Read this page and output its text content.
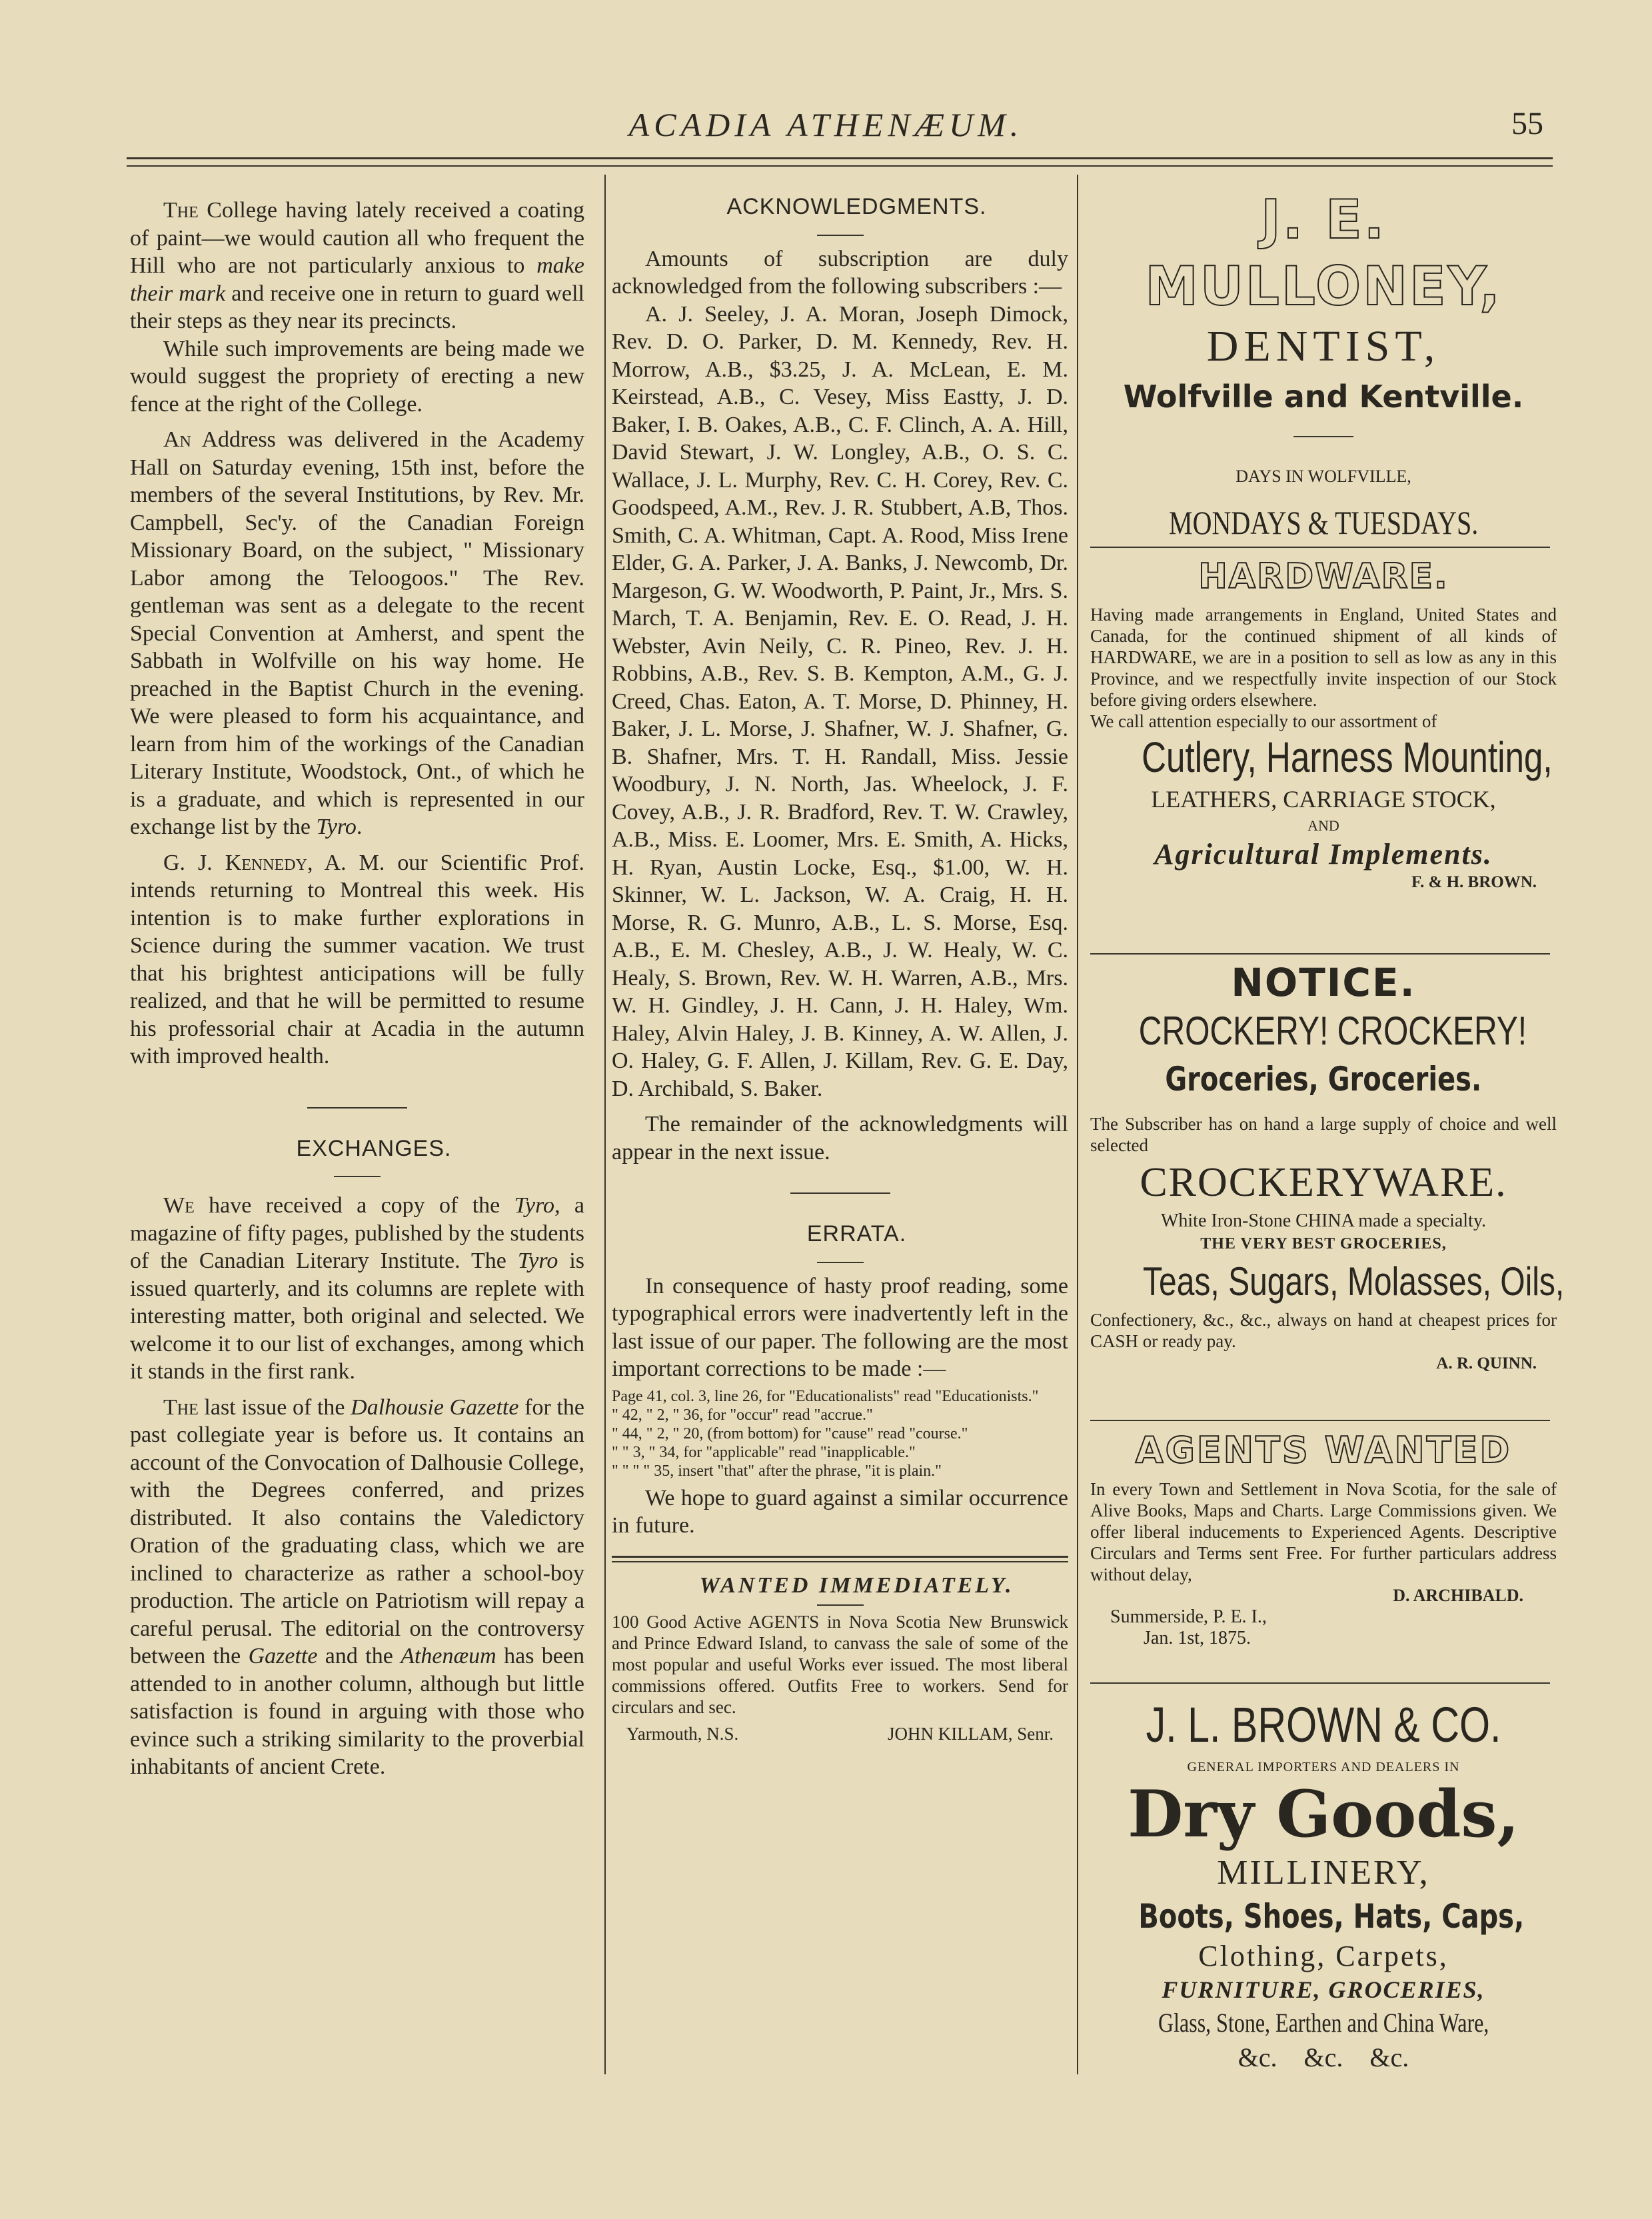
ACADIA ATHENÆUM.	55

The College having lately received a coating of paint—we would caution all who frequent the Hill who are not particularly anxious to make their mark and receive one in return to guard well their steps as they near its precincts.

While such improvements are being made we would suggest the propriety of erecting a new fence at the right of the College.

An Address was delivered in the Academy Hall on Saturday evening, 15th inst, before the members of the several Institutions, by Rev. Mr. Campbell, Sec'y. of the Canadian Foreign Missionary Board, on the subject, " Missionary Labor among the Teloogoos." The Rev. gentleman was sent as a delegate to the recent Special Convention at Amherst, and spent the Sabbath in Wolfville on his way home. He preached in the Baptist Church in the evening. We were pleased to form his acquaintance, and learn from him of the workings of the Canadian Literary Institute, Woodstock, Ont., of which he is a graduate, and which is represented in our exchange list by the Tyro.

G. J. Kennedy, A. M. our Scientific Prof. intends returning to Montreal this week. His intention is to make further explorations in Science during the summer vacation. We trust that his brightest anticipations will be fully realized, and that he will be permitted to resume his professorial chair at Acadia in the autumn with improved health.

EXCHANGES.

We have received a copy of the Tyro, a magazine of fifty pages, published by the students of the Canadian Literary Institute. The Tyro is issued quarterly, and its columns are replete with interesting matter, both original and selected. We welcome it to our list of exchanges, among which it stands in the first rank.

The last issue of the Dalhousie Gazette for the past collegiate year is before us. It contains an account of the Convocation of Dalhousie College, with the Degrees conferred, and prizes distributed. It also contains the Valedictory Oration of the graduating class, which we are inclined to characterize as rather a school-boy production. The article on Patriotism will repay a careful perusal. The editorial on the controversy between the Gazette and the Athenæum has been attended to in another column, although but little satisfaction is found in arguing with those who evince such a striking similarity to the proverbial inhabitants of ancient Crete.

ACKNOWLEDGMENTS.

Amounts of subscription are duly acknowledged from the following subscribers :—

A. J. Seeley, J. A. Moran, Joseph Dimock, Rev. D. O. Parker, D. M. Kennedy, Rev. H. Morrow, A.B., $3.25, J. A. McLean, E. M. Keirstead, A.B., C. Vesey, Miss Eastty, J. D. Baker, I. B. Oakes, A.B., C. F. Clinch, A. A. Hill, David Stewart, J. W. Longley, A.B., O. S. C. Wallace, J. L. Murphy, Rev. C. H. Corey, Rev. C. Goodspeed, A.M., Rev. J. R. Stubbert, A.B, Thos. Smith, C. A. Whitman, Capt. A. Rood, Miss Irene Elder, G. A. Parker, J. A. Banks, J. Newcomb, Dr. Margeson, G. W. Woodworth, P. Paint, Jr., Mrs. S. March, T. A. Benjamin, Rev. E. O. Read, J. H. Webster, Avin Neily, C. R. Pineo, Rev. J. H. Robbins, A.B., Rev. S. B. Kempton, A.M., G. J. Creed, Chas. Eaton, A. T. Morse, D. Phinney, H. Baker, J. L. Morse, J. Shafner, W. J. Shafner, G. B. Shafner, Mrs. T. H. Randall, Miss. Jessie Woodbury, J. N. North, Jas. Wheelock, J. F. Covey, A.B., J. R. Bradford, Rev. T. W. Crawley, A.B., Miss. E. Loomer, Mrs. E. Smith, A. Hicks, H. Ryan, Austin Locke, Esq., $1.00, W. H. Skinner, W. L. Jackson, W. A. Craig, H. H. Morse, R. G. Munro, A.B., L. S. Morse, Esq. A.B., E. M. Chesley, A.B., J. W. Healy, W. C. Healy, S. Brown, Rev. W. H. Warren, A.B., Mrs. W. H. Gindley, J. H. Cann, J. H. Haley, Wm. Haley, Alvin Haley, J. B. Kinney, A. W. Allen, J. O. Haley, G. F. Allen, J. Killam, Rev. G. E. Day, D. Archibald, S. Baker.

The remainder of the acknowledgments will appear in the next issue.

ERRATA.

In consequence of hasty proof reading, some typographical errors were inadvertently left in the last issue of our paper. The following are the most important corrections to be made :—

Page 41, col. 3, line 26, for "Educationalists" read "Educationists."

" 42, " 2, " 36, for "occur" read "accrue."

" 44, " 2, " 20, (from bottom) for "cause" read "course."

" " 3, " 34, for "applicable" read "inapplicable."

" " " " 35, insert "that" after the phrase, "it is plain."

We hope to guard against a similar occurrence in future.

WANTED IMMEDIATELY.

100 Good Active AGENTS in Nova Scotia New Brunswick and Prince Edward Island, to canvass the sale of some of the most popular and useful Works ever issued. The most liberal commissions offered. Outfits Free to workers. Send for circulars and sec.

Yarmouth, N.S.	JOHN KILLAM, Senr.

J. E. MULLONEY,

DENTIST,

Wolfville and Kentville.

DAYS IN WOLFVILLE,

MONDAYS & TUESDAYS.

HARDWARE.

Having made arrangements in England, United States and Canada, for the continued shipment of all kinds of HARDWARE, we are in a position to sell as low as any in this Province, and we respectfully invite inspection of our Stock before giving orders elsewhere.

We call attention especially to our assortment of

Cutlery, Harness Mounting,

LEATHERS, CARRIAGE STOCK,

AND

Agricultural Implements.

F. & H. BROWN.

NOTICE.

CROCKERY! CROCKERY!

Groceries, Groceries.

The Subscriber has on hand a large supply of choice and well selected

CROCKERYWARE.

White Iron-Stone CHINA made a specialty.

THE VERY BEST GROCERIES,

Teas, Sugars, Molasses, Oils,

Confectionery, &c., &c., always on hand at cheapest prices for CASH or ready pay.

A. R. QUINN.

AGENTS WANTED

In every Town and Settlement in Nova Scotia, for the sale of Alive Books, Maps and Charts. Large Commissions given. We offer liberal inducements to Experienced Agents. Descriptive Circulars and Terms sent Free. For further particulars address without delay,

D. ARCHIBALD.

Summerside, P. E. I.,

Jan. 1st, 1875.

J. L. BROWN & CO.

GENERAL IMPORTERS AND DEALERS IN

Dry Goods,

MILLINERY,

Boots, Shoes, Hats, Caps,

Clothing, Carpets,

FURNITURE, GROCERIES,

Glass, Stone, Earthen and China Ware,

&c.    &c.    &c.
